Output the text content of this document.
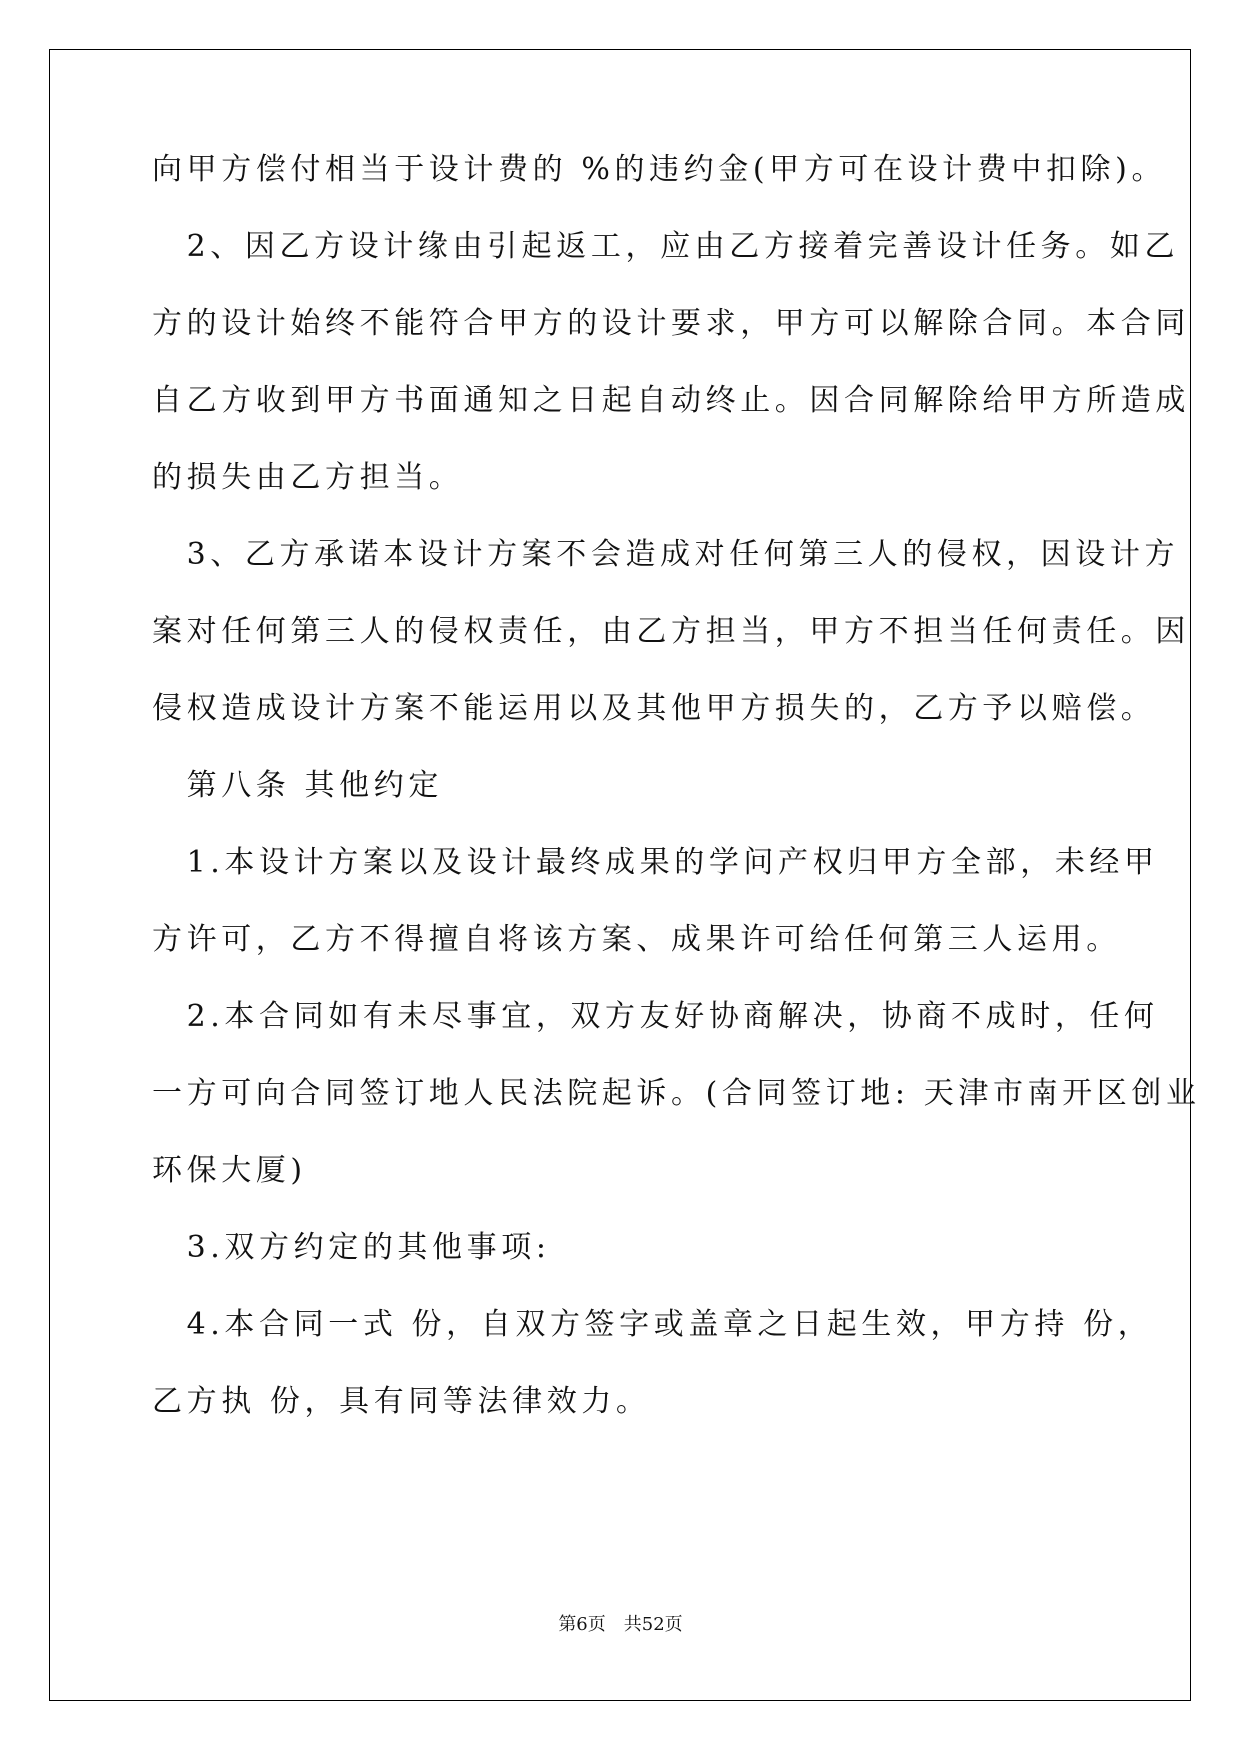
向甲方偿付相当于设计费的 %的违约金(甲方可在设计费中扣除)。
　2、因乙方设计缘由引起返工，应由乙方接着完善设计任务。如乙
方的设计始终不能符合甲方的设计要求，甲方可以解除合同。本合同
自乙方收到甲方书面通知之日起自动终止。因合同解除给甲方所造成
的损失由乙方担当。
　3、乙方承诺本设计方案不会造成对任何第三人的侵权，因设计方
案对任何第三人的侵权责任，由乙方担当，甲方不担当任何责任。因
侵权造成设计方案不能运用以及其他甲方损失的，乙方予以赔偿。
　第八条 其他约定
　1.本设计方案以及设计最终成果的学问产权归甲方全部，未经甲
方许可，乙方不得擅自将该方案、成果许可给任何第三人运用。
　2.本合同如有未尽事宜，双方友好协商解决，协商不成时，任何
一方可向合同签订地人民法院起诉。(合同签订地: 天津市南开区创业
环保大厦)
　3.双方约定的其他事项:
　4.本合同一式 份，自双方签字或盖章之日起生效，甲方持 份，
乙方执 份，具有同等法律效力。
第6页　共52页
